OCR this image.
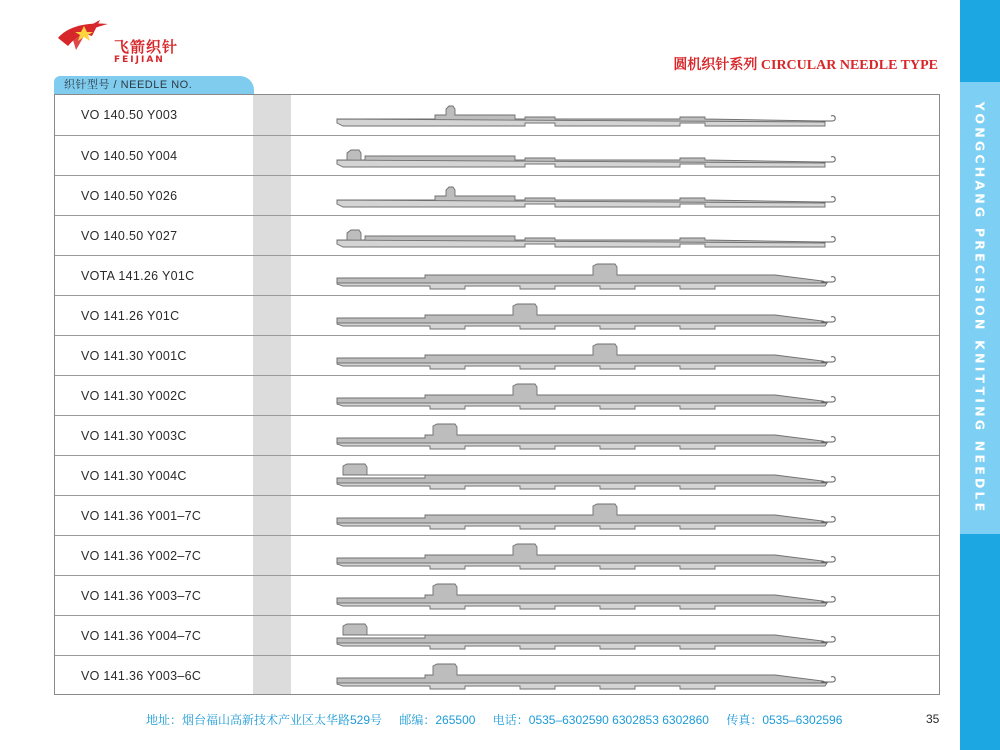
飞箭织针
FEIJIAN	圆机织针系列 CIRCULAR NEEDLE TYPE
织针型号 / NEEDLE NO.
VO 140.50 Y003
VO 140.50 Y004
VO 140.50 Y026
VO 140.50 Y027
VOTA 141.26 Y01C
VO 141.26 Y01C
VO 141.30 Y001C
VO 141.30 Y002C
VO 141.30 Y003C
VO 141.30 Y004C
VO 141.36 Y001–7C
VO 141.36 Y002–7C
VO 141.36 Y003–7C
VO 141.36 Y004–7C
VO 141.36 Y003–6C
YONGCHANG PRECISION KNITTING NEEDLE
地址：烟台福山高新技术产业区太华路529号 邮编：265500 电话：0535–6302590 6302853 6302860 传真：0535–6302596	35
